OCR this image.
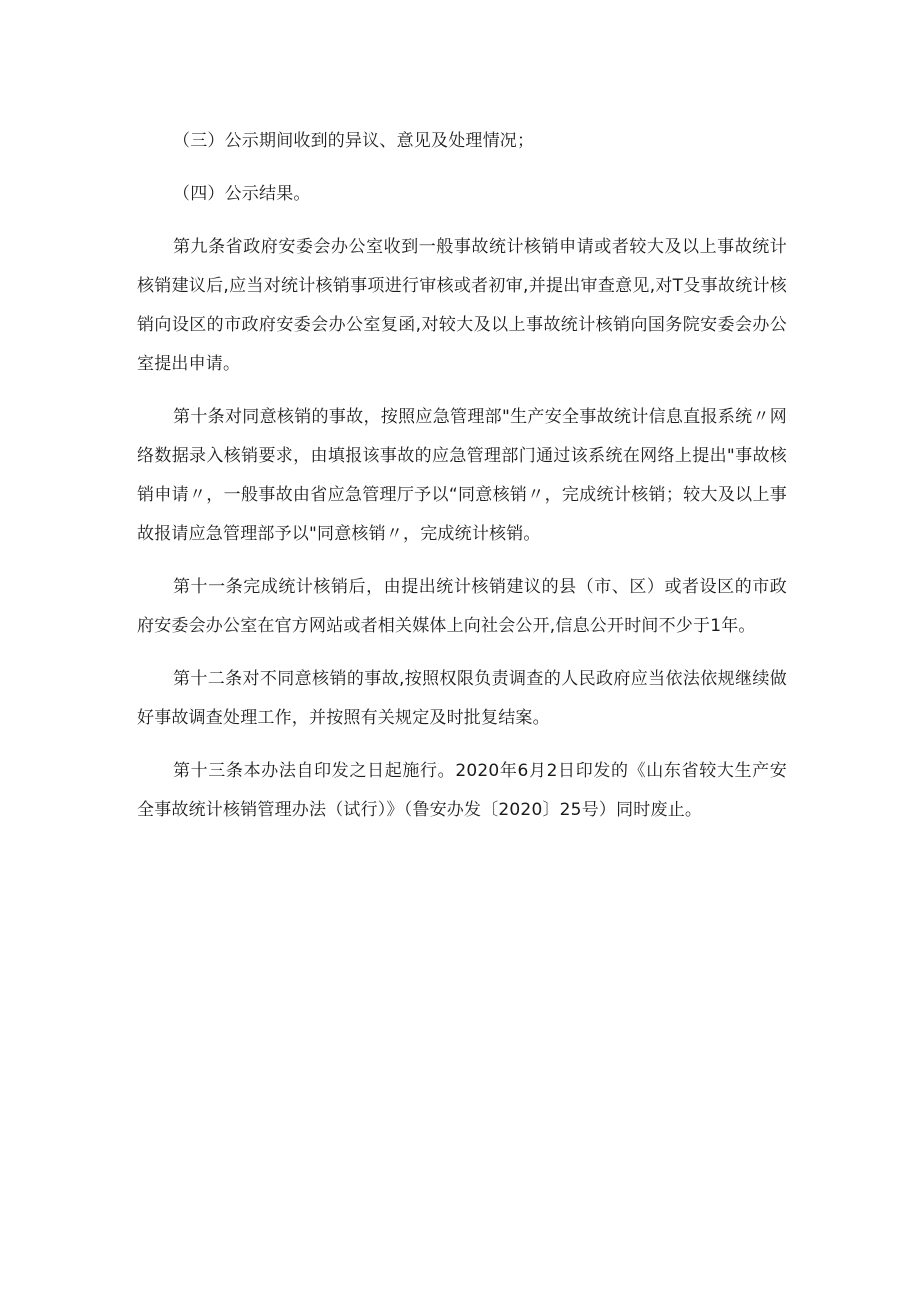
（三）公示期间收到的异议、意见及处理情况；

（四）公示结果。

第九条省政府安委会办公室收到一般事故统计核销申请或者较大及以上事故统计核销建议后,应当对统计核销事项进行审核或者初审,并提出审查意见,对T殳事故统计核销向设区的市政府安委会办公室复函,对较大及以上事故统计核销向国务院安委会办公室提出申请。

第十条对同意核销的事故，按照应急管理部"生产安全事故统计信息直报系统〃网络数据录入核销要求，由填报该事故的应急管理部门通过该系统在网络上提出"事故核销申请〃，一般事故由省应急管理厅予以“同意核销〃，完成统计核销；较大及以上事故报请应急管理部予以"同意核销〃，完成统计核销。

第十一条完成统计核销后，由提出统计核销建议的县（市、区）或者设区的市政府安委会办公室在官方网站或者相关媒体上向社会公开,信息公开时间不少于1年。

第十二条对不同意核销的事故,按照权限负责调查的人民政府应当依法依规继续做好事故调查处理工作，并按照有关规定及时批复结案。

第十三条本办法自印发之日起施行。2020年6月2日印发的《山东省较大生产安全事故统计核销管理办法（试行）》（鲁安办发〔2020〕25号）同时废止。
